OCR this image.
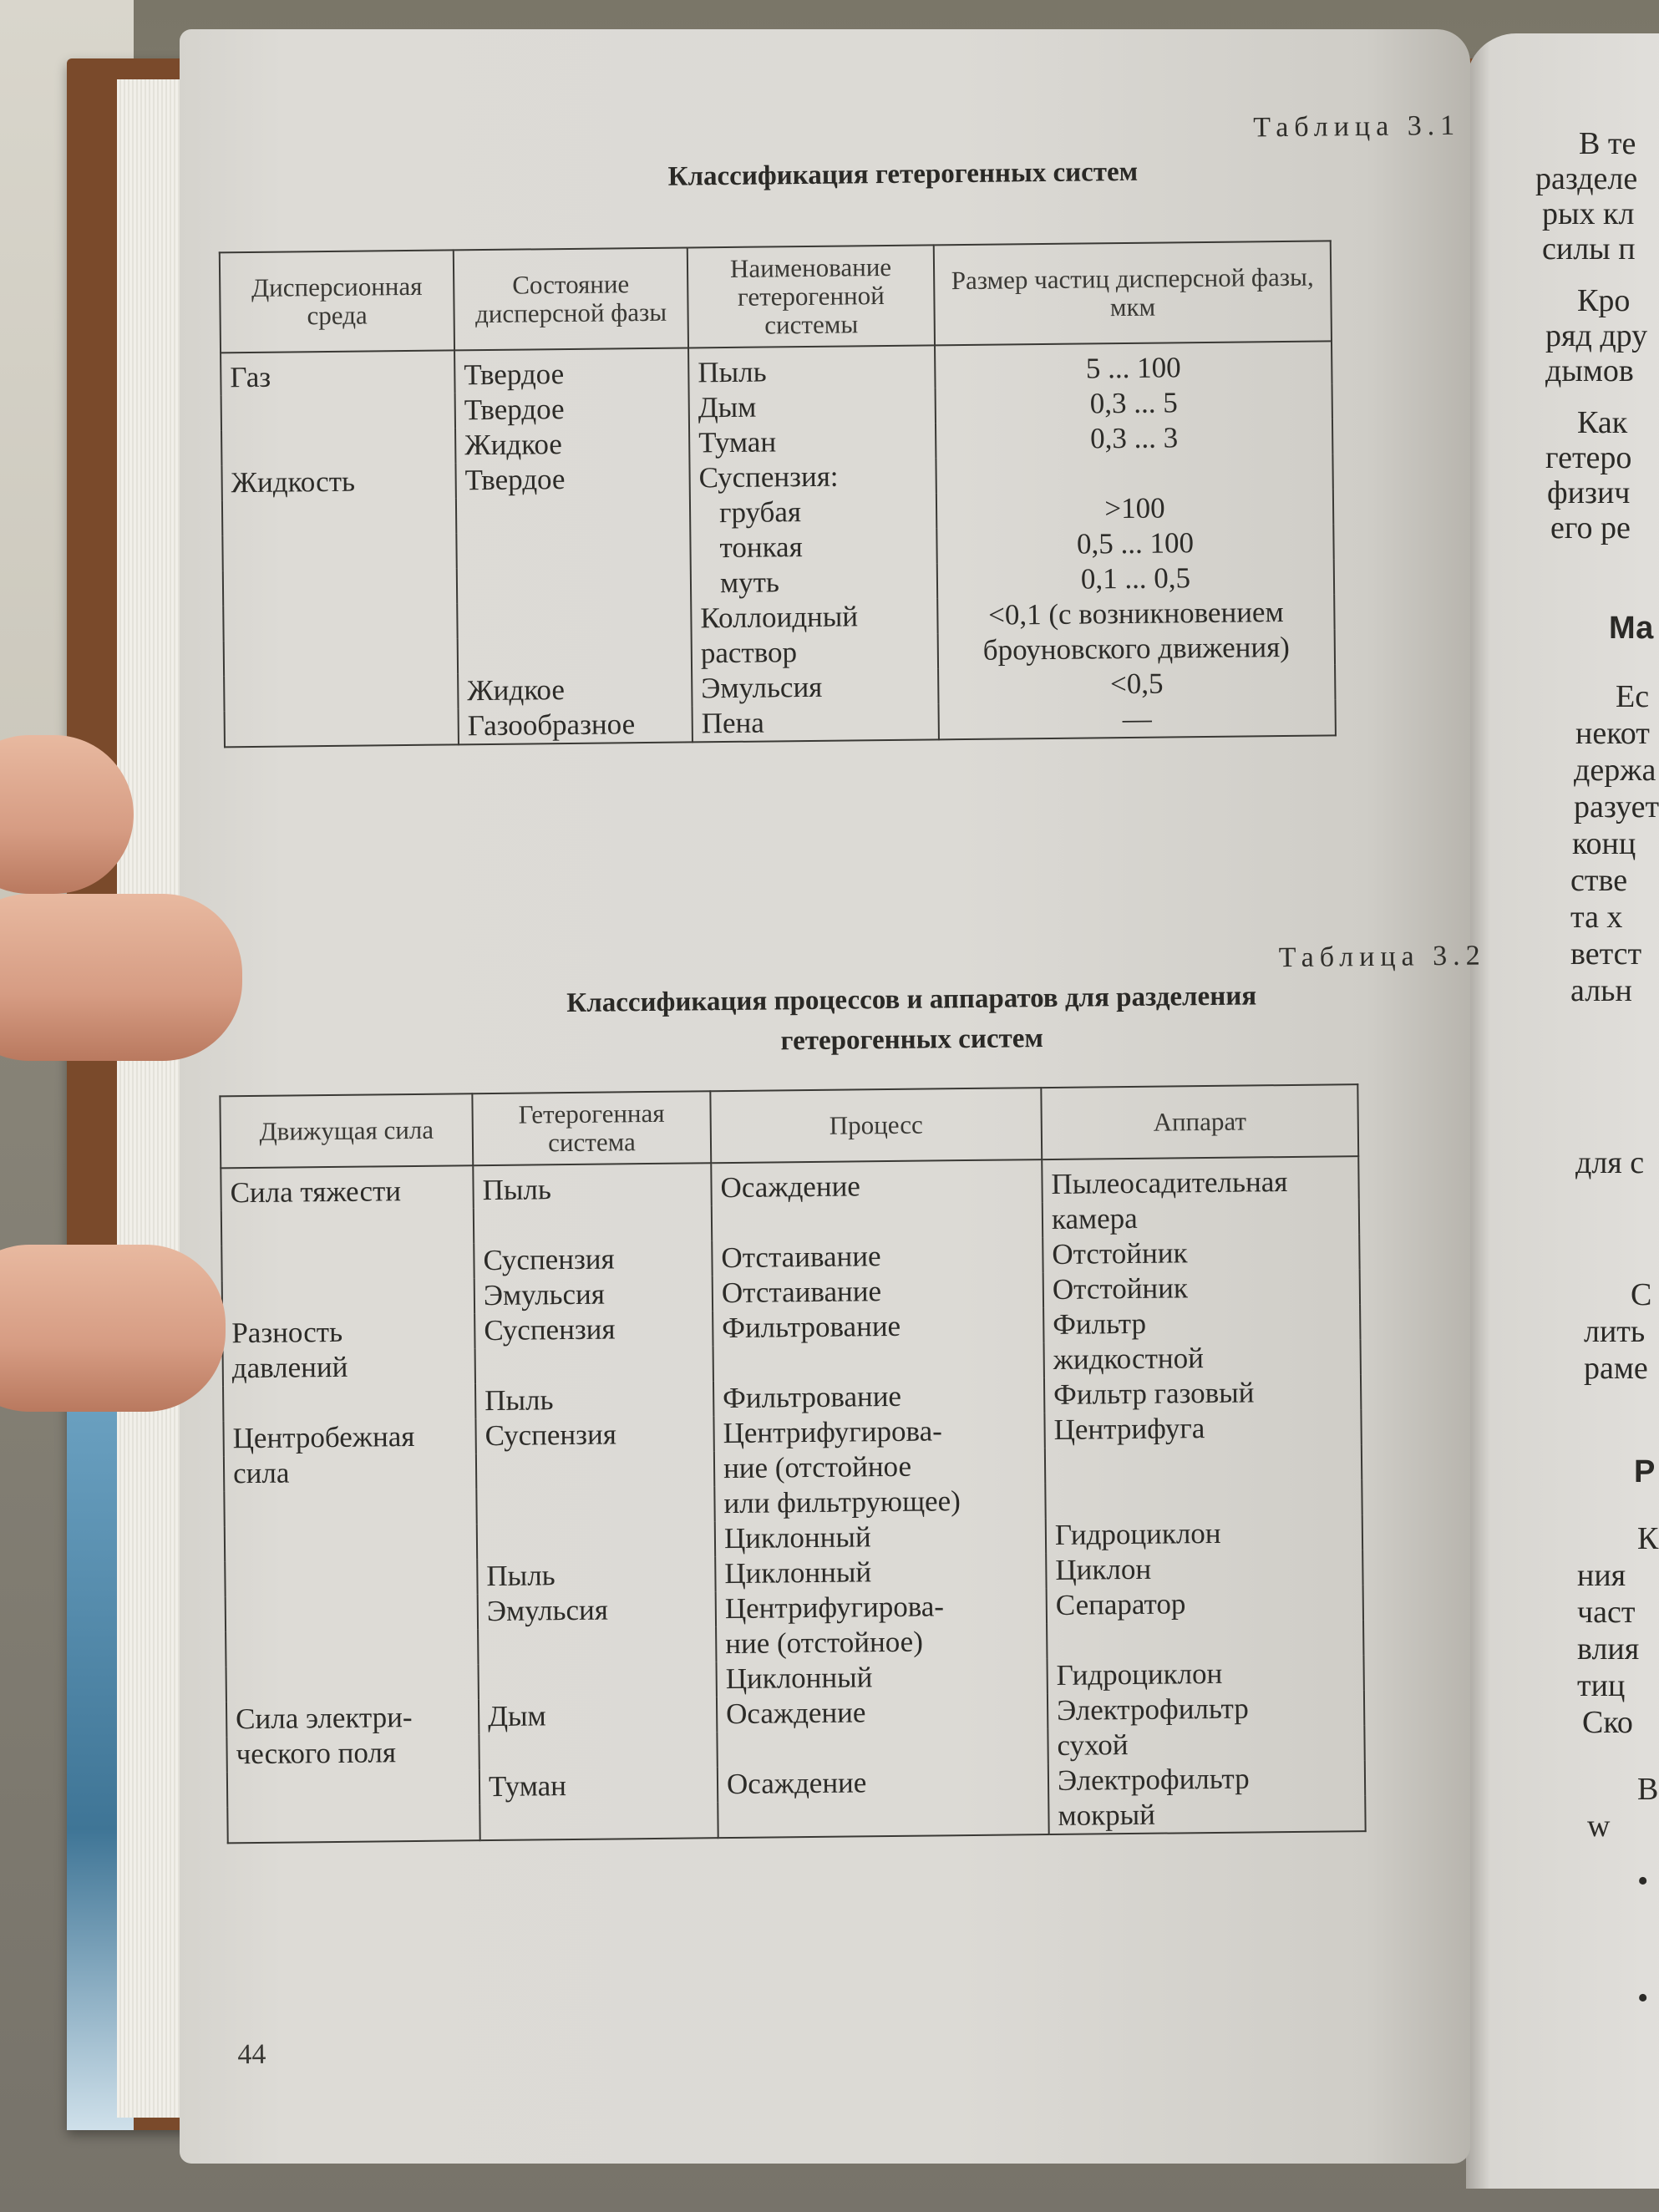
Таблица 3.1
Классификация гетерогенных систем
Дисперсионная среда	Состояние дисперсной фазы	Наименование гетерогенной системы	Размер частиц дисперсной фазы, мкм
Газ	Твердое	Пыль	5 ... 100
	Твердое	Дым	0,3 ... 5
	Жидкое	Туман	0,3 ... 3
Жидкость	Твердое	Суспензия:	
		грубая	>100
		тонкая	0,5 ... 100
		муть	0,1 ... 0,5
		Коллоидный	<0,1 (с возникновением
		раствор	броуновского движения)
	Жидкое	Эмульсия	<0,5
	Газообразное	Пена	—
Таблица 3.2
Классификация процессов и аппаратов для разделения
гетерогенных систем
Движущая сила	Гетерогенная система	Процесс	Аппарат
Сила тяжести	Пыль	Осаждение	Пылеосадительная
			камера
	Суспензия	Отстаивание	Отстойник
	Эмульсия	Отстаивание	Отстойник
Разность	Суспензия	Фильтрование	Фильтр
давлений			жидкостной
	Пыль	Фильтрование	Фильтр газовый
Центробежная	Суспензия	Центрифугирова-	Центрифуга
сила		ние (отстойное	
		или фильтрующее)	
		Циклонный	Гидроциклон
	Пыль	Циклонный	Циклон
	Эмульсия	Центрифугирова-	Сепаратор
		ние (отстойное)	
		Циклонный	Гидроциклон
Сила электри-	Дым	Осаждение	Электрофильтр
ческого поля			сухой
	Туман	Осаждение	Электрофильтр
			мокрый
44
В те
разделе
рых кл
силы п
Кро
ряд дру
дымов
Как
гетеро
физич
его ре
Ма
Ес
некот
держа
разует
конц
стве
та x
ветст
альн
для с
С
лить
раме
Р
К
ния
част
влия
тиц
Ско
В
w
•
•
